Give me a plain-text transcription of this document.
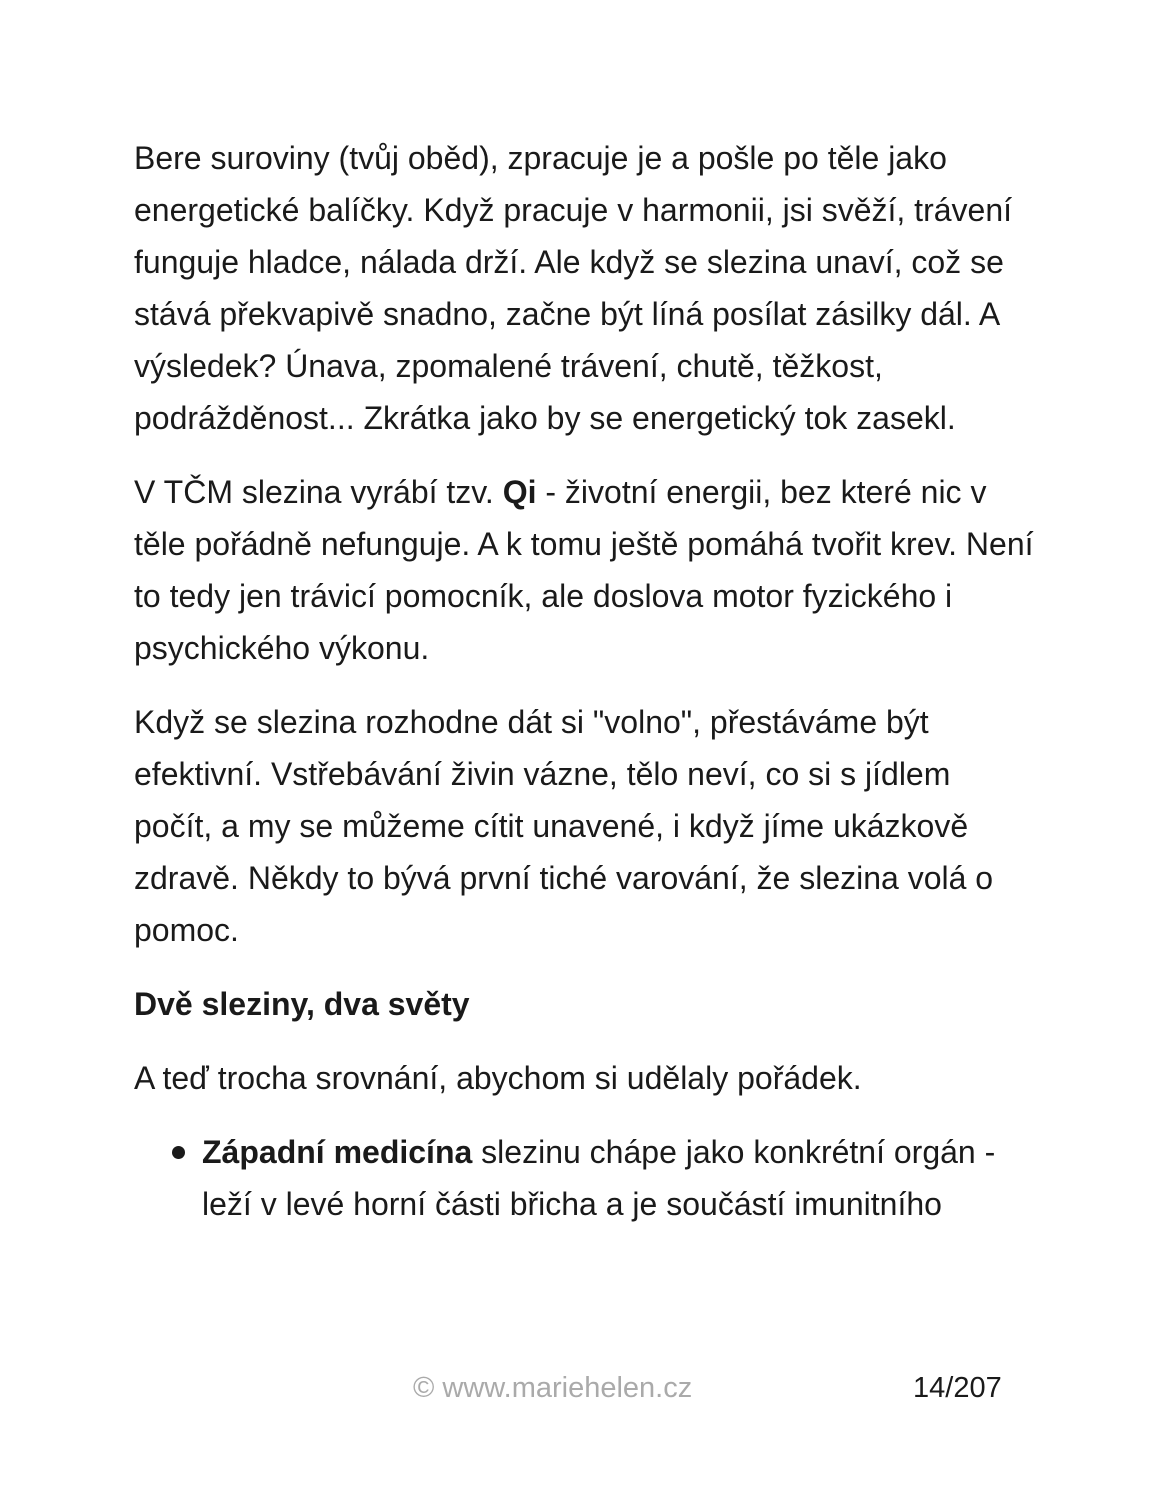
Bere suroviny (tvůj oběd), zpracuje je a pošle po těle jako energetické balíčky. Když pracuje v harmonii, jsi svěží, trávení funguje hladce, nálada drží. Ale když se slezina unaví, což se stává překvapivě snadno, začne být líná posílat zásilky dál. A výsledek? Únava, zpomalené trávení, chutě, těžkost, podrážděnost... Zkrátka jako by se energetický tok zasekl.

V TČM slezina vyrábí tzv. Qi - životní energii, bez které nic v těle pořádně nefunguje. A k tomu ještě pomáhá tvořit krev. Není to tedy jen trávicí pomocník, ale doslova motor fyzického i psychického výkonu.

Když se slezina rozhodne dát si "volno", přestáváme být efektivní. Vstřebávání živin vázne, tělo neví, co si s jídlem počít, a my se můžeme cítit unavené, i když jíme ukázkově zdravě. Někdy to bývá první tiché varování, že slezina volá o pomoc.

Dvě sleziny, dva světy

A teď trocha srovnání, abychom si udělaly pořádek.

Západní medicína slezinu chápe jako konkrétní orgán - leží v levé horní části břicha a je součástí imunitního
© www.mariehelen.cz	14/207
